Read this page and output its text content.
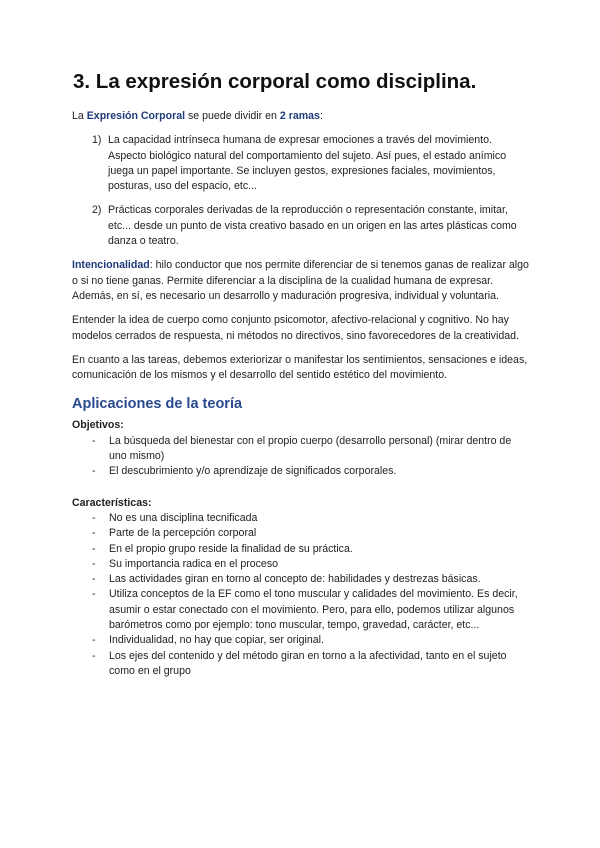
3. La expresión corporal como disciplina.

La Expresión Corporal se puede dividir en 2 ramas:

1) La capacidad intrínseca humana de expresar emociones a través del movimiento. Aspecto biológico natural del comportamiento del sujeto. Así pues, el estado anímico juega un papel importante. Se incluyen gestos, expresiones faciales, movimientos, posturas, uso del espacio, etc...
2) Prácticas corporales derivadas de la reproducción o representación constante, imitar, etc... desde un punto de vista creativo basado en un origen en las artes plásticas como danza o teatro.

Intencionalidad: hilo conductor que nos permite diferenciar de si tenemos ganas de realizar algo o si no tiene ganas. Permite diferenciar a la disciplina de la cualidad humana de expresar. Además, en sí, es necesario un desarrollo y maduración progresiva, individual y voluntaria.

Entender la idea de cuerpo como conjunto psicomotor, afectivo-relacional y cognitivo. No hay modelos cerrados de respuesta, ni métodos no directivos, sino favorecedores de la creatividad.

En cuanto a las tareas, debemos exteriorizar o manifestar los sentimientos, sensaciones e ideas, comunicación de los mismos y el desarrollo del sentido estético del movimiento.

Aplicaciones de la teoría
Objetivos:
- La búsqueda del bienestar con el propio cuerpo (desarrollo personal) (mirar dentro de uno mismo)
- El descubrimiento y/o aprendizaje de significados corporales.
Características:
- No es una disciplina tecnificada
- Parte de la percepción corporal
- En el propio grupo reside la finalidad de su práctica.
- Su importancia radica en el proceso
- Las actividades giran en torno al concepto de: habilidades y destrezas básicas.
- Utiliza conceptos de la EF como el tono muscular y calidades del movimiento. Es decir, asumir o estar conectado con el movimiento. Pero, para ello, podemos utilizar algunos barómetros como por ejemplo: tono muscular, tempo, gravedad, carácter, etc...
- Individualidad, no hay que copiar, ser original.
- Los ejes del contenido y del método giran en torno a la afectividad, tanto en el sujeto como en el grupo
